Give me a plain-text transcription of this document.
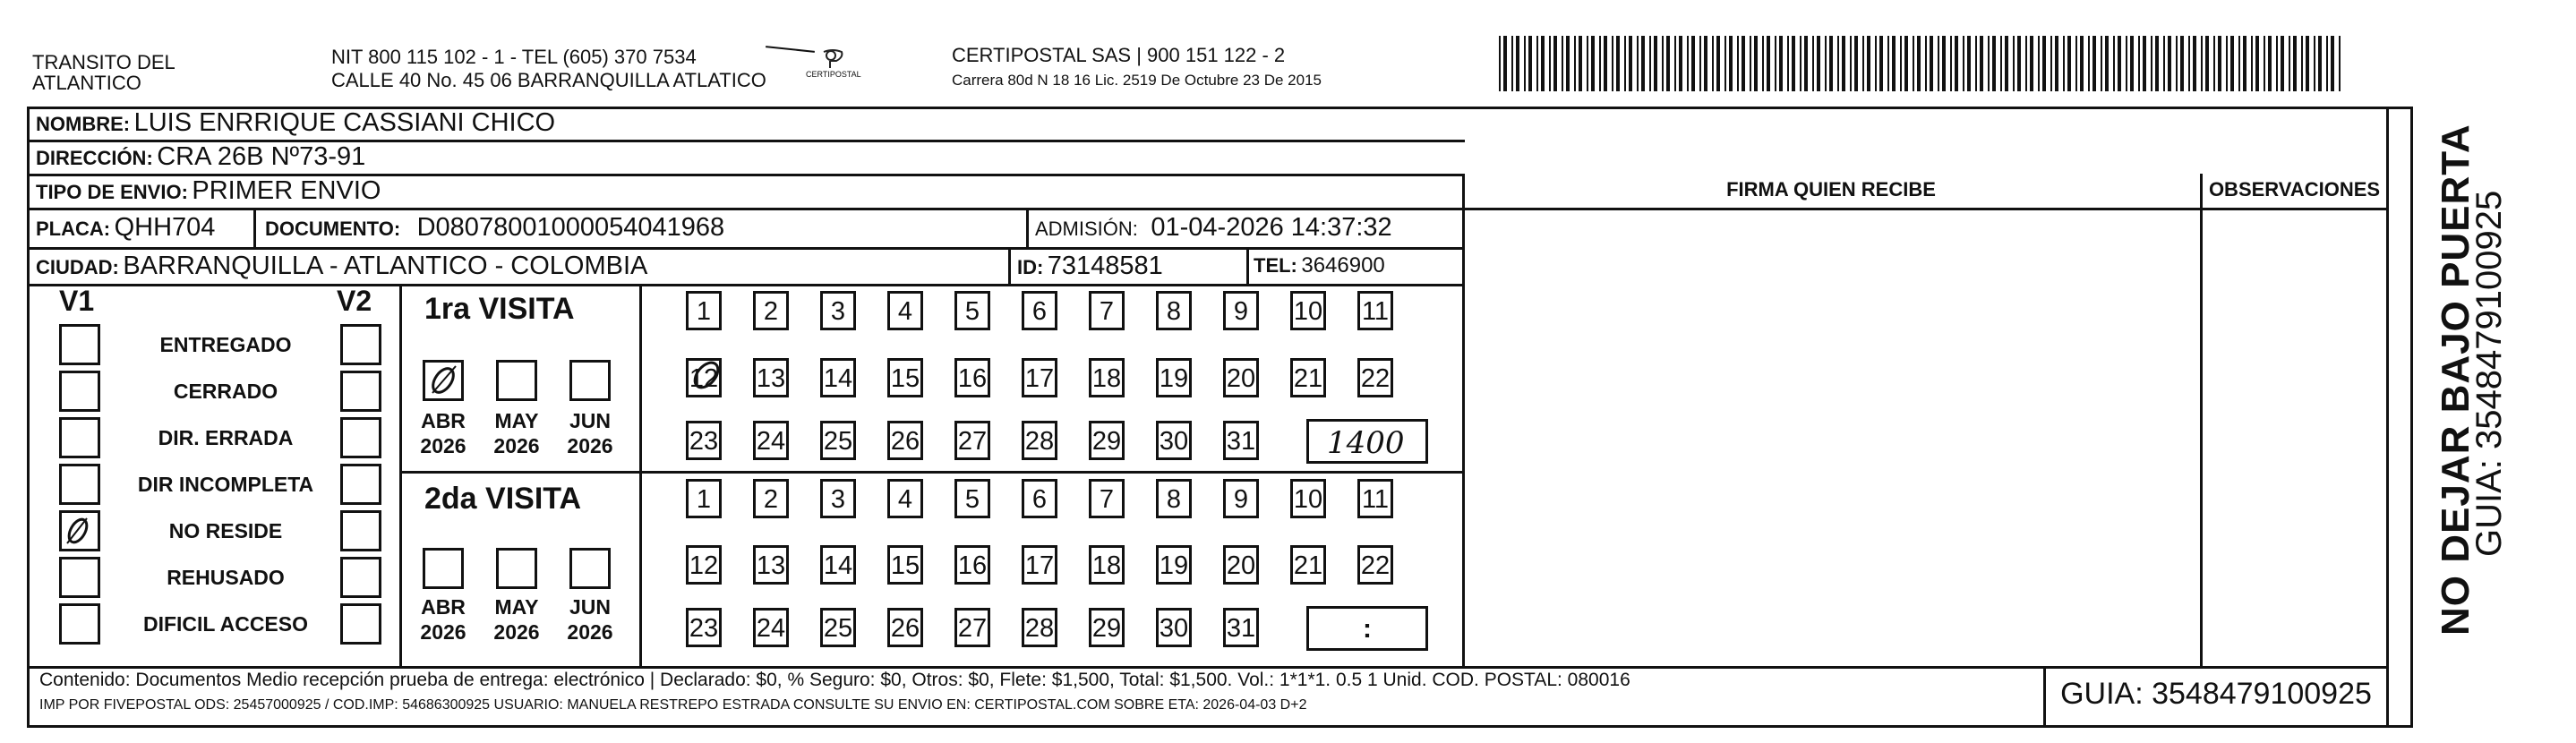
TRANSITO DEL
ATLANTICO
NIT 800 115 102 - 1 - TEL (605) 370 7534
CALLE 40 No. 45 06 BARRANQUILLA ATLATICO	CERTIPOSTAL
CERTIPOSTAL SAS | 900 151 122 - 2
Carrera 80d N 18 16 Lic. 2519 De Octubre 23 De 2015
NOMBRE: LUIS ENRRIQUE CASSIANI CHICO
DIRECCIÓN: CRA 26B Nº73-91
TIPO DE ENVIO: PRIMER ENVIO	FIRMA QUIEN RECIBE	OBSERVACIONES
PLACA: QHH704	DOCUMENTO: D08078001000054041968	ADMISIÓN: 01-04-2026 14:37:32
CIUDAD: BARRANQUILLA - ATLANTICO - COLOMBIA	ID: 73148581	TEL: 3646900
V1	V2
ENTREGADO
CERRADO
DIR. ERRADA
DIR INCOMPLETA
NO RESIDE
REHUSADO
DIFICIL ACCESO
1ra VISITA
2da VISITA
ABR
2026
MAY
2026
JUN
2026
ABR
2026
MAY
2026
JUN
2026
1	2	3	4	5	6	7	8	9	10 11
12 13 14 15 16 17 18 19 20 21 22
23 24 25 26 27 28 29 30 31
1	2	3	4	5	6	7	8	9	10 11
12 13 14 15 16 17 18 19 20 21 22
23 24 25 26 27 28 29 30 31
1400
:
Contenido: Documentos Medio recepción prueba de entrega: electrónico | Declarado: $0, % Seguro: $0, Otros: $0, Flete: $1,500, Total: $1,500. Vol.: 1*1*1. 0.5 1 Unid. COD. POSTAL: 080016
IMP POR FIVEPOSTAL ODS: 25457000925 / COD.IMP: 54686300925 USUARIO: MANUELA RESTREPO ESTRADA CONSULTE SU ENVIO EN: CERTIPOSTAL.COM SOBRE ETA: 2026-04-03 D+2	GUIA: 3548479100925
NO DEJAR BAJO PUERTA
GUIA: 3548479100925
